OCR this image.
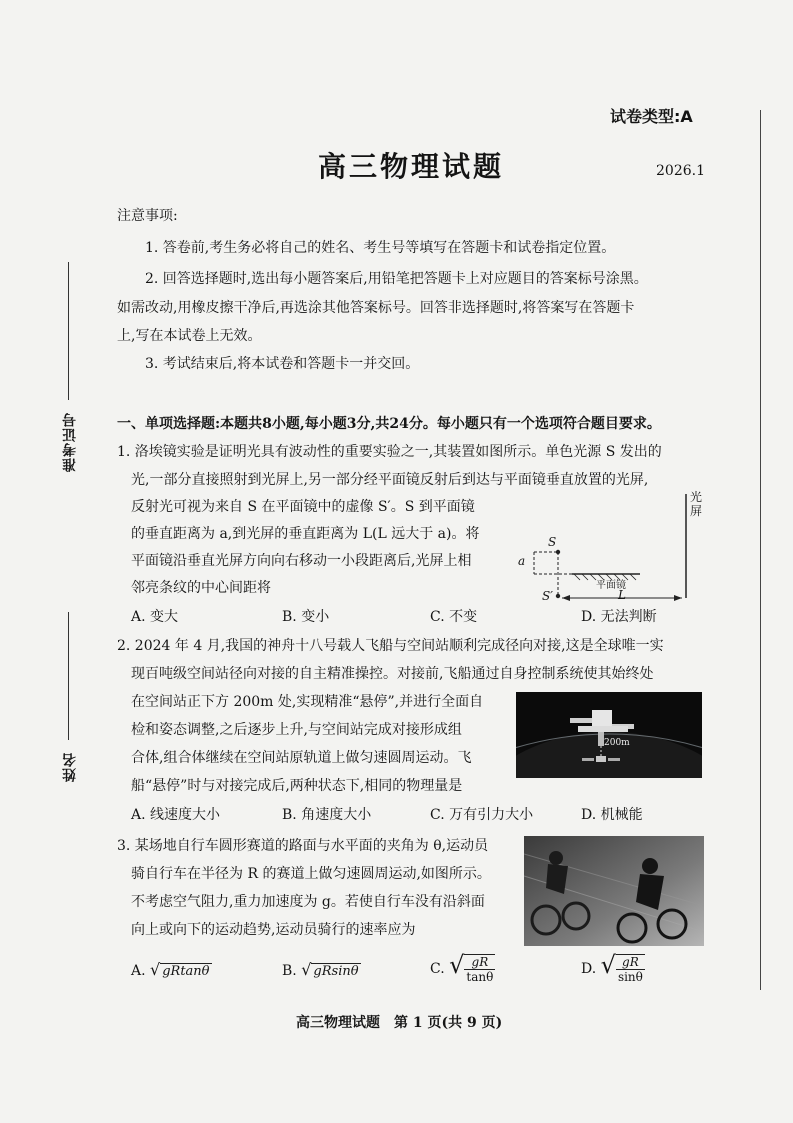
试卷类型:A
高三物理试题	2026.1
准考证号
姓名
注意事项:
1. 答卷前,考生务必将自己的姓名、考生号等填写在答题卡和试卷指定位置。
2. 回答选择题时,选出每小题答案后,用铅笔把答题卡上对应题目的答案标号涂黑。
如需改动,用橡皮擦干净后,再选涂其他答案标号。回答非选择题时,将答案写在答题卡
上,写在本试卷上无效。
3. 考试结束后,将本试卷和答题卡一并交回。
一、单项选择题:本题共8小题,每小题3分,共24分。每小题只有一个选项符合题目要求。
1. 洛埃镜实验是证明光具有波动性的重要实验之一,其装置如图所示。单色光源 S 发出的
光,一部分直接照射到光屏上,另一部分经平面镜反射后到达与平面镜垂直放置的光屏,
反射光可视为来自 S 在平面镜中的虚像 S′。S 到平面镜
的垂直距离为 a,到光屏的垂直距离为 L(L 远大于 a)。将
平面镜沿垂直光屏方向向右移动一小段距离后,光屏上相
邻亮条纹的中心间距将
光屏
S
S′
a
平面镜
L
A. 变大	B. 变小	C. 不变	D. 无法判断
2. 2024 年 4 月,我国的神舟十八号载人飞船与空间站顺利完成径向对接,这是全球唯一实
现百吨级空间站径向对接的自主精准操控。对接前,飞船通过自身控制系统使其始终处
在空间站正下方 200m 处,实现精准“悬停”,并进行全面自
检和姿态调整,之后逐步上升,与空间站完成对接形成组
合体,组合体继续在空间站原轨道上做匀速圆周运动。飞
船“悬停”时与对接完成后,两种状态下,相同的物理量是
200m
A. 线速度大小	B. 角速度大小	C. 万有引力大小	D. 机械能
3. 某场地自行车圆形赛道的路面与水平面的夹角为 θ,运动员
骑自行车在半径为 R 的赛道上做匀速圆周运动,如图所示。
不考虑空气阻力,重力加速度为 g。若使自行车没有沿斜面
向上或向下的运动趋势,运动员骑行的速率应为
A. √ gRtanθ	B. √ gRsinθ	C. √ $\frac{gR}{\tan\theta}$	D. √ $\frac{gR}{\sin\theta}$
高三物理试题　第 1 页(共 9 页)
